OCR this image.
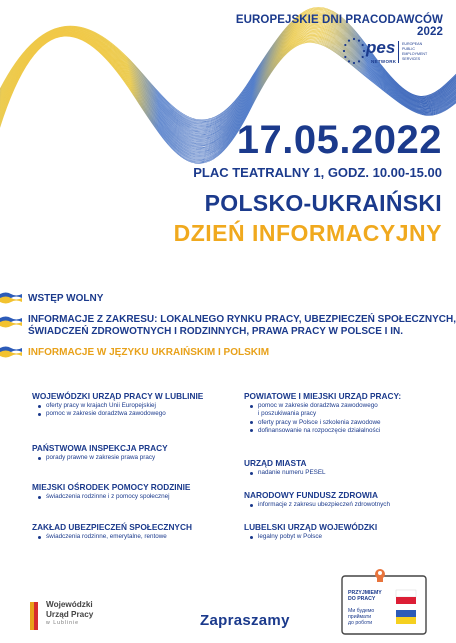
EUROPEJSKIE DNI PRACODAWCÓW 2022
pes
NETWORK
EUROPEAN
PUBLIC
EMPLOYMENT
SERVICES
17.05.2022
PLAC TEATRALNY 1, GODZ. 10.00-15.00
POLSKO-UKRAIŃSKI
DZIEŃ INFORMACYJNY
WSTĘP WOLNY
INFORMACJE Z ZAKRESU: LOKALNEGO RYNKU PRACY, UBEZPIECZEŃ SPOŁECZNYCH,
ŚWIADCZEŃ ZDROWOTNYCH I RODZINNYCH, PRAWA PRACY W POLSCE I IN.
INFORMACJE W JĘZYKU UKRAIŃSKIM I POLSKIM
WOJEWÓDZKI URZĄD PRACY W LUBLINIE
oferty pracy w krajach Unii Europejskiej
pomoc w zakresie doradztwa zawodowego
PAŃSTWOWA INSPEKCJA PRACY
porady prawne w zakresie prawa pracy
MIEJSKI OŚRODEK POMOCY RODZINIE
świadczenia rodzinne i z pomocy społecznej
ZAKŁAD UBEZPIECZEŃ SPOŁECZNYCH
świadczenia rodzinne, emerytalne, rentowe
POWIATOWE I MIEJSKI URZĄD PRACY:
pomoc w zakresie doradztwa zawodowego
i poszukiwania pracy
oferty pracy w Polsce i szkolenia zawodowe
dofinansowanie na rozpoczęcie działalności
URZĄD MIASTA
nadanie numeru PESEL
NARODOWY FUNDUSZ ZDROWIA
informacje z zakresu ubezpieczeń zdrowotnych
LUBELSKI URZĄD WOJEWÓDZKI
legalny pobyt w Polsce
Wojewódzki
Urząd Pracy
w Lublinie	Zapraszamy
PRZYJMIEMY
DO PRACY
Ми будемо
приймати
до роботи
